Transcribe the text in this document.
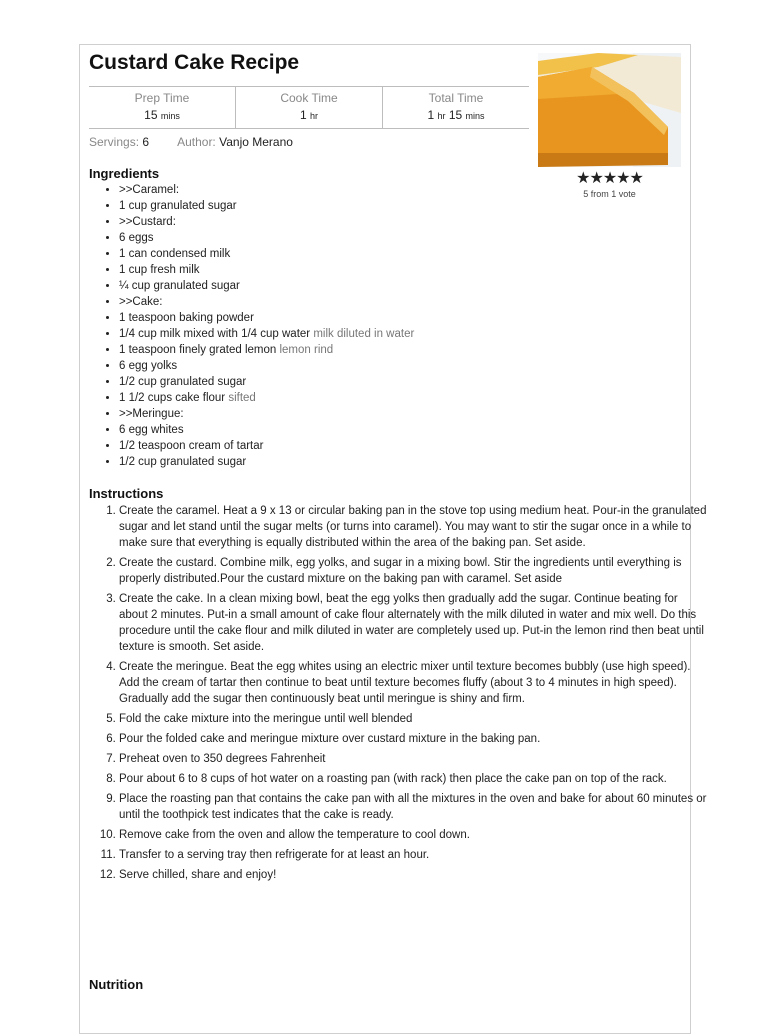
Custard Cake Recipe
Prep Time
15 mins
Cook Time
1 hr
Total Time
1 hr 15 mins
Servings: 6 Author: Vanjo Merano
★★★★★
5 from 1 vote
Ingredients
• >>Caramel:
• 1 cup granulated sugar
• >>Custard:
• 6 eggs
• 1 can condensed milk
• 1 cup fresh milk
• ¼ cup granulated sugar
• >>Cake:
• 1 teaspoon baking powder
• 1/4 cup milk mixed with 1/4 cup water milk diluted in water
• 1 teaspoon finely grated lemon lemon rind
• 6 egg yolks
• 1/2 cup granulated sugar
• 1 1/2 cups cake flour sifted
• >>Meringue:
• 6 egg whites
• 1/2 teaspoon cream of tartar
• 1/2 cup granulated sugar
Instructions
1. Create the caramel. Heat a 9 x 13 or circular baking pan in the stove top using medium heat. Pour-in the granulated sugar and let stand until the sugar melts (or turns into caramel). You may want to stir the sugar once in a while to make sure that everything is equally distributed within the area of the baking pan. Set aside.
2. Create the custard. Combine milk, egg yolks, and sugar in a mixing bowl. Stir the ingredients until everything is properly distributed.Pour the custard mixture on the baking pan with caramel. Set aside
3. Create the cake. In a clean mixing bowl, beat the egg yolks then gradually add the sugar. Continue beating for about 2 minutes. Put-in a small amount of cake flour alternately with the milk diluted in water and mix well. Do this procedure until the cake flour and milk diluted in water are completely used up. Put-in the lemon rind then beat until texture is smooth. Set aside.
4. Create the meringue. Beat the egg whites using an electric mixer until texture becomes bubbly (use high speed). Add the cream of tartar then continue to beat until texture becomes fluffy (about 3 to 4 minutes in high speed). Gradually add the sugar then continuously beat until meringue is shiny and firm.
5. Fold the cake mixture into the meringue until well blended
6. Pour the folded cake and meringue mixture over custard mixture in the baking pan.
7. Preheat oven to 350 degrees Fahrenheit
8. Pour about 6 to 8 cups of hot water on a roasting pan (with rack) then place the cake pan on top of the rack.
9. Place the roasting pan that contains the cake pan with all the mixtures in the oven and bake for about 60 minutes or until the toothpick test indicates that the cake is ready.
10. Remove cake from the oven and allow the temperature to cool down.
11. Transfer to a serving tray then refrigerate for at least an hour.
12. Serve chilled, share and enjoy!
Nutrition
